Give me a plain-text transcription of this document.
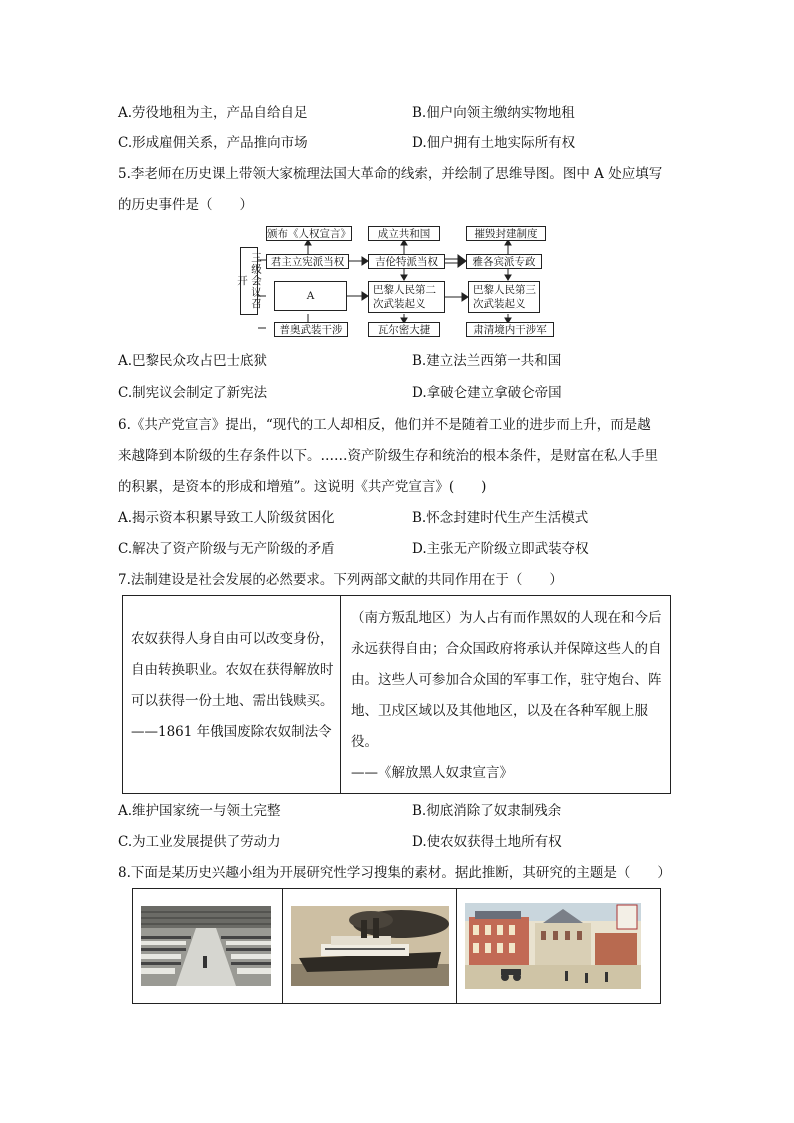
A.劳役地租为主，产品自给自足	B.佃户向领主缴纳实物地租
C.形成雇佣关系，产品推向市场	D.佃户拥有土地实际所有权
5.李老师在历史课上带领大家梳理法国大革命的线索，并绘制了思维导图。图中 A 处应填写
的历史事件是（　　）
三级会议召开
颁布《人权宣言》
君主立宪派当权
A
普奥武装干涉
成立共和国
吉伦特派当权
巴黎人民第二次武装起义
瓦尔密大捷
摧毁封建制度
雅各宾派专政
巴黎人民第三次武装起义
肃清境内干涉军
A.巴黎民众攻占巴士底狱	B.建立法兰西第一共和国
C.制宪议会制定了新宪法	D.拿破仑建立拿破仑帝国
6.《共产党宣言》提出，“现代的工人却相反，他们并不是随着工业的进步而上升，而是越
来越降到本阶级的生存条件以下。……资产阶级生存和统治的根本条件，是财富在私人手里
的积累，是资本的形成和增殖”。这说明《共产党宣言》(　　)
A.揭示资本积累导致工人阶级贫困化	B.怀念封建时代生产生活模式
C.解决了资产阶级与无产阶级的矛盾	D.主张无产阶级立即武装夺权
7.法制建设是社会发展的必然要求。下列两部文献的共同作用在于（　　）
农奴获得人身自由可以改变身份，自由转换职业。农奴在获得解放时可以获得一份土地、需出钱赎买。
——1861 年俄国废除农奴制法令
（南方叛乱地区）为人占有而作黑奴的人现在和今后永远获得自由；合众国政府将承认并保障这些人的自由。这些人可参加合众国的军事工作，驻守炮台、阵地、卫戍区域以及其他地区，以及在各种军舰上服役。
——《解放黑人奴隶宣言》
A.维护国家统一与领土完整	B.彻底消除了奴隶制残余
C.为工业发展提供了劳动力	D.使农奴获得土地所有权
8.下面是某历史兴趣小组为开展研究性学习搜集的素材。据此推断，其研究的主题是（　　）
